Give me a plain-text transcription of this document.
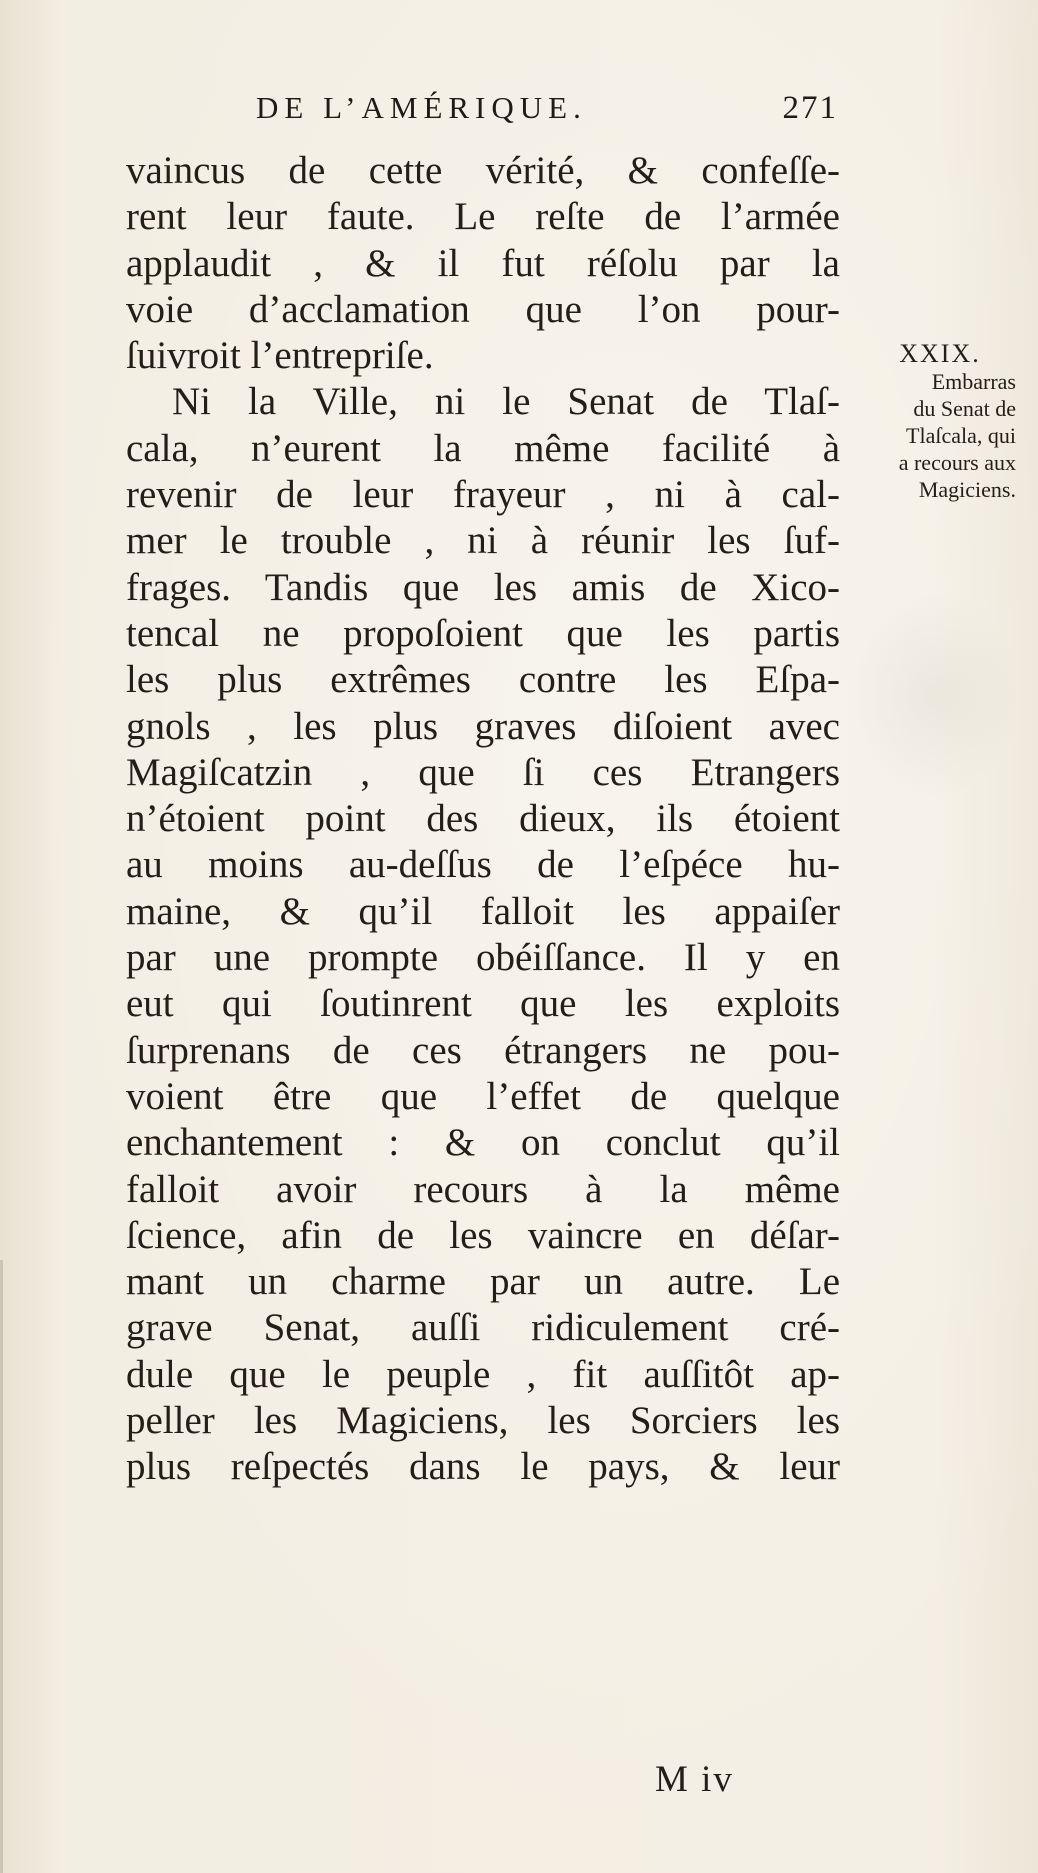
DE L’AMÉRIQUE.	271
vaincus de cette vérité, & confeſſe-
rent leur faute. Le reſte de l’armée
applaudit , & il fut réſolu par la
voie d’acclamation que l’on pour-
ſuivroit l’entrepriſe.
Ni la Ville, ni le Senat de Tlaſ-
cala, n’eurent la même facilité à
revenir de leur frayeur , ni à cal-
mer le trouble , ni à réunir les ſuf-
frages. Tandis que les amis de Xico-
tencal ne propoſoient que les partis
les plus extrêmes contre les Eſpa-
gnols , les plus graves diſoient avec
Magiſcatzin , que ſi ces Etrangers
n’étoient point des dieux, ils étoient
au moins au-deſſus de l’eſpéce hu-
maine, & qu’il falloit les appaiſer
par une prompte obéiſſance. Il y en
eut qui ſoutinrent que les exploits
ſurprenans de ces étrangers ne pou-
voient être que l’effet de quelque
enchantement : & on conclut qu’il
falloit avoir recours à la même
ſcience, afin de les vaincre en déſar-
mant un charme par un autre. Le
grave Senat, auſſi ridiculement cré-
dule que le peuple , fit auſſitôt ap-
peller les Magiciens, les Sorciers les
plus reſpectés dans le pays, & leur
XXIX.
Embarras
du Senat de
Tlaſcala, qui
a recours aux
Magiciens.
M iv
